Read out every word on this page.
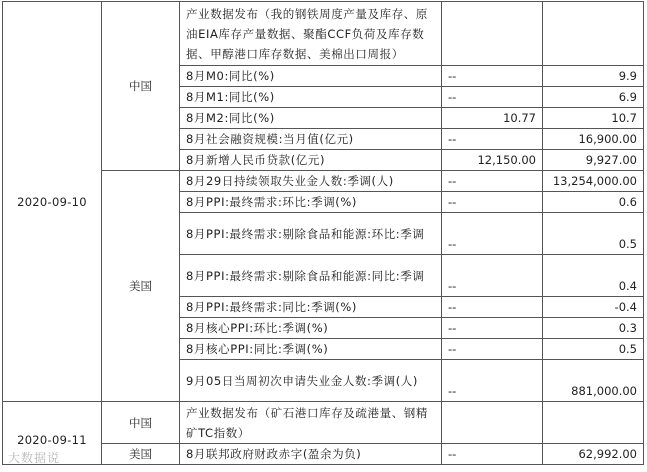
2020-09-10	中国	产业数据发布（我的钢铁周度产量及库存、原油EIA库存产量数据、聚酯CCF负荷及库存数据、甲醇港口库存数据、美棉出口周报）		
		8月M0:同比(%)	--	9.9
		8月M1:同比(%)	--	6.9
		8月M2:同比(%)	10.77	10.7
		8月社会融资规模:当月值(亿元)	--	16,900.00
		8月新增人民币贷款(亿元)	12,150.00	9,927.00
	美国	8月29日持续领取失业金人数:季调(人)	--	13,254,000.00
		8月PPI:最终需求:环比:季调(%)	--	0.6
		8月PPI:最终需求:剔除食品和能源:环比:季调	--	0.5
		8月PPI:最终需求:剔除食品和能源:同比:季调	--	0.4
		8月PPI:最终需求:同比:季调(%)	--	-0.4
		8月核心PPI:环比:季调(%)	--	0.3
		8月核心PPI:同比:季调(%)	--	0.5
		9月05日当周初次申请失业金人数:季调(人)	--	881,000.00
2020-09-11	中国	产业数据发布（矿石港口库存及疏港量、钢精矿TC指数）		
	美国	8月联邦政府财政赤字(盈余为负)	--	62,992.00
大数据说
